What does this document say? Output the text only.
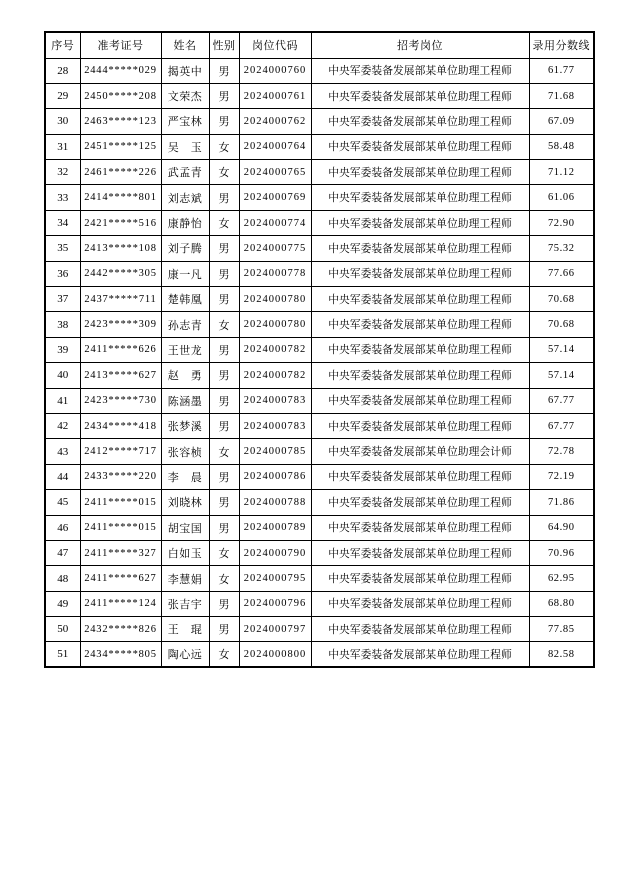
序号	准考证号	姓名	性别	岗位代码	招考岗位	录用分数线
28	2444*****029	揭英中	男	2024000760	中央军委装备发展部某单位助理工程师	61.77
29	2450*****208	文荣杰	男	2024000761	中央军委装备发展部某单位助理工程师	71.68
30	2463*****123	严宝林	男	2024000762	中央军委装备发展部某单位助理工程师	67.09
31	2451*****125	吴　玉	女	2024000764	中央军委装备发展部某单位助理工程师	58.48
32	2461*****226	武孟青	女	2024000765	中央军委装备发展部某单位助理工程师	71.12
33	2414*****801	刘志斌	男	2024000769	中央军委装备发展部某单位助理工程师	61.06
34	2421*****516	康静怡	女	2024000774	中央军委装备发展部某单位助理工程师	72.90
35	2413*****108	刘子腾	男	2024000775	中央军委装备发展部某单位助理工程师	75.32
36	2442*****305	康一凡	男	2024000778	中央军委装备发展部某单位助理工程师	77.66
37	2437*****711	楚韩凰	男	2024000780	中央军委装备发展部某单位助理工程师	70.68
38	2423*****309	孙志青	女	2024000780	中央军委装备发展部某单位助理工程师	70.68
39	2411*****626	王世龙	男	2024000782	中央军委装备发展部某单位助理工程师	57.14
40	2413*****627	赵　勇	男	2024000782	中央军委装备发展部某单位助理工程师	57.14
41	2423*****730	陈涵墨	男	2024000783	中央军委装备发展部某单位助理工程师	67.77
42	2434*****418	张梦溪	男	2024000783	中央军委装备发展部某单位助理工程师	67.77
43	2412*****717	张容桢	女	2024000785	中央军委装备发展部某单位助理会计师	72.78
44	2433*****220	李　晨	男	2024000786	中央军委装备发展部某单位助理工程师	72.19
45	2411*****015	刘晓林	男	2024000788	中央军委装备发展部某单位助理工程师	71.86
46	2411*****015	胡宝国	男	2024000789	中央军委装备发展部某单位助理工程师	64.90
47	2411*****327	白如玉	女	2024000790	中央军委装备发展部某单位助理工程师	70.96
48	2411*****627	李慧娟	女	2024000795	中央军委装备发展部某单位助理工程师	62.95
49	2411*****124	张吉宇	男	2024000796	中央军委装备发展部某单位助理工程师	68.80
50	2432*****826	王　琨	男	2024000797	中央军委装备发展部某单位助理工程师	77.85
51	2434*****805	陶心远	女	2024000800	中央军委装备发展部某单位助理工程师	82.58
